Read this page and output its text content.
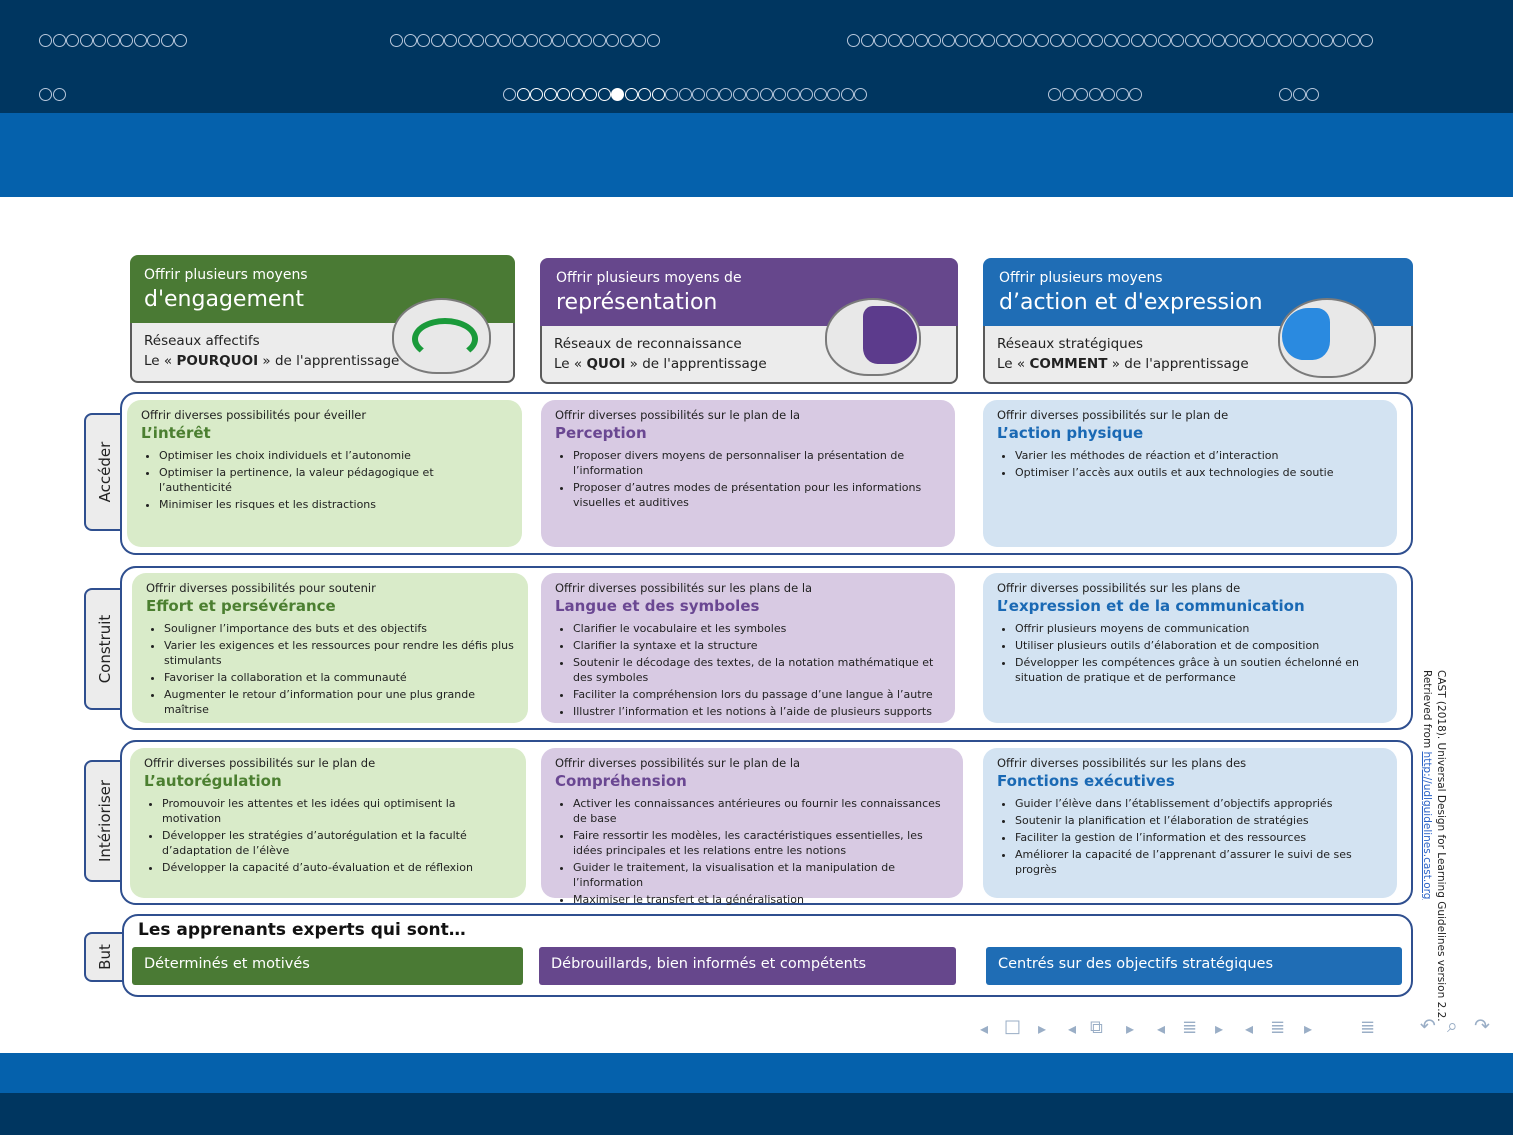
Offrir plusieurs moyens
d'engagement
Réseaux affectifs
Le « POURQUOI » de l'apprentissage
Offrir plusieurs moyens de
représentation
Réseaux de reconnaissance
Le « QUOI » de l'apprentissage
Offrir plusieurs moyens
d’action et d'expression
Réseaux stratégiques
Le « COMMENT » de l'apprentissage
Accéder
Offrir diverses possibilités pour éveiller
L’intérêt
• Optimiser les choix individuels et l’autonomie
• Optimiser la pertinence, la valeur pédagogique et l’authenticité
• Minimiser les risques et les distractions
Offrir diverses possibilités sur le plan de la
Perception
• Proposer divers moyens de personnaliser la présentation de l’information
• Proposer d’autres modes de présentation pour les informations visuelles et auditives
Offrir diverses possibilités sur le plan de
L’action physique
• Varier les méthodes de réaction et d’interaction
• Optimiser l’accès aux outils et aux technologies de soutie
Construit
Offrir diverses possibilités pour soutenir
Effort et persévérance
• Souligner l’importance des buts et des objectifs
• Varier les exigences et les ressources pour rendre les défis plus stimulants
• Favoriser la collaboration et la communauté
• Augmenter le retour d’information pour une plus grande maîtrise
Offrir diverses possibilités sur les plans de la
Langue et des symboles
• Clarifier le vocabulaire et les symboles
• Clarifier la syntaxe et la structure
• Soutenir le décodage des textes, de la notation mathématique et des symboles
• Faciliter la compréhension lors du passage d’une langue à l’autre
• Illustrer l’information et les notions à l’aide de plusieurs supports
Offrir diverses possibilités sur les plans de
L’expression et de la communication
• Offrir plusieurs moyens de communication
• Utiliser plusieurs outils d’élaboration et de composition
• Développer les compétences grâce à un soutien échelonné en situation de pratique et de performance
Intérioriser
Offrir diverses possibilités sur le plan de
L’autorégulation
• Promouvoir les attentes et les idées qui optimisent la motivation
• Développer les stratégies d’autorégulation et la faculté d’adaptation de l’élève
• Développer la capacité d’auto-évaluation et de réflexion
Offrir diverses possibilités sur le plan de la
Compréhension
• Activer les connaissances antérieures ou fournir les connaissances de base
• Faire ressortir les modèles, les caractéristiques essentielles, les idées principales et les relations entre les notions
• Guider le traitement, la visualisation et la manipulation de l’information
• Maximiser le transfert et la généralisation
Offrir diverses possibilités sur les plans des
Fonctions exécutives
• Guider l’élève dans l’établissement d’objectifs appropriés
• Soutenir la planification et l’élaboration de stratégies
• Faciliter la gestion de l’information et des ressources
• Améliorer la capacité de l’apprenant d’assurer le suivi de ses progrès
But
Les apprenants experts qui sont…
Déterminés et motivés	Débrouillards, bien informés et compétents	Centrés sur des objectifs stratégiques	CAST (2018). Universal Design for Learning Guidelines version 2.2.
Retrieved from http://udlguidelines.cast.org
◂ □ ▸ ◂ ⧉ ▸ ◂ ≣ ▸ ◂ ≣ ▸	≣ ↶ ⌕ ↷
